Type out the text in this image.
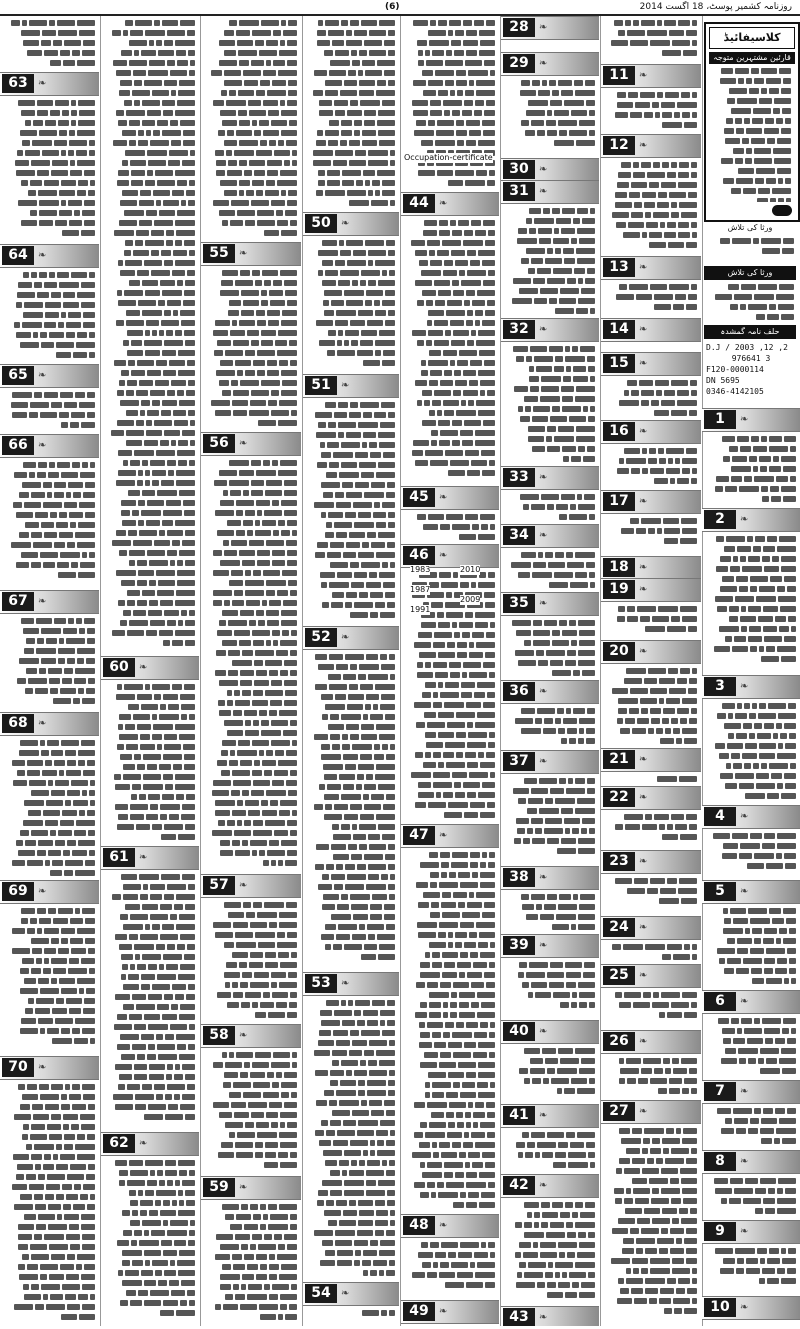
روزنامہ کشمیر پوسٹ، 18 اگست 2014
(6)
کلاسیفائیڈ
قارئین مشتہرین متوجہ

ورثا کی تلاش

ورثا کی تلاش

حلف نامہ گمشدہ
D.J / 2003 ,12 ,2
976641 3
F120-0000114
DN 5695
0346-4142105
1	❧

2	❧

3	❧

4	❧

5	❧

6	❧

7	❧

8	❧

9	❧

10	❧

11	❧

12	❧

13	❧

14	❧
15	❧

16	❧

17	❧

18	❧
19	❧

20	❧

21	❧

22	❧

23	❧

24	❧

25	❧

26	❧

27	❧

28	❧
29	❧

30	❧
31	❧

32	❧

33	❧

34	❧

35	❧

36	❧

37	❧

38	❧

39	❧

40	❧

41	❧

42	❧

43	❧

44	❧

45	❧

46	❧

47	❧

48	❧

49	❧

50	❧

51	❧

52	❧

53	❧

54	❧

55	❧

56	❧

57	❧

58	❧

59	❧

60	❧

61	❧

62	❧

63	❧

64	❧

65	❧

66	❧

67	❧

68	❧

69	❧

70	❧

Occupation-certificate
1983	2010
1987
2009
1991
